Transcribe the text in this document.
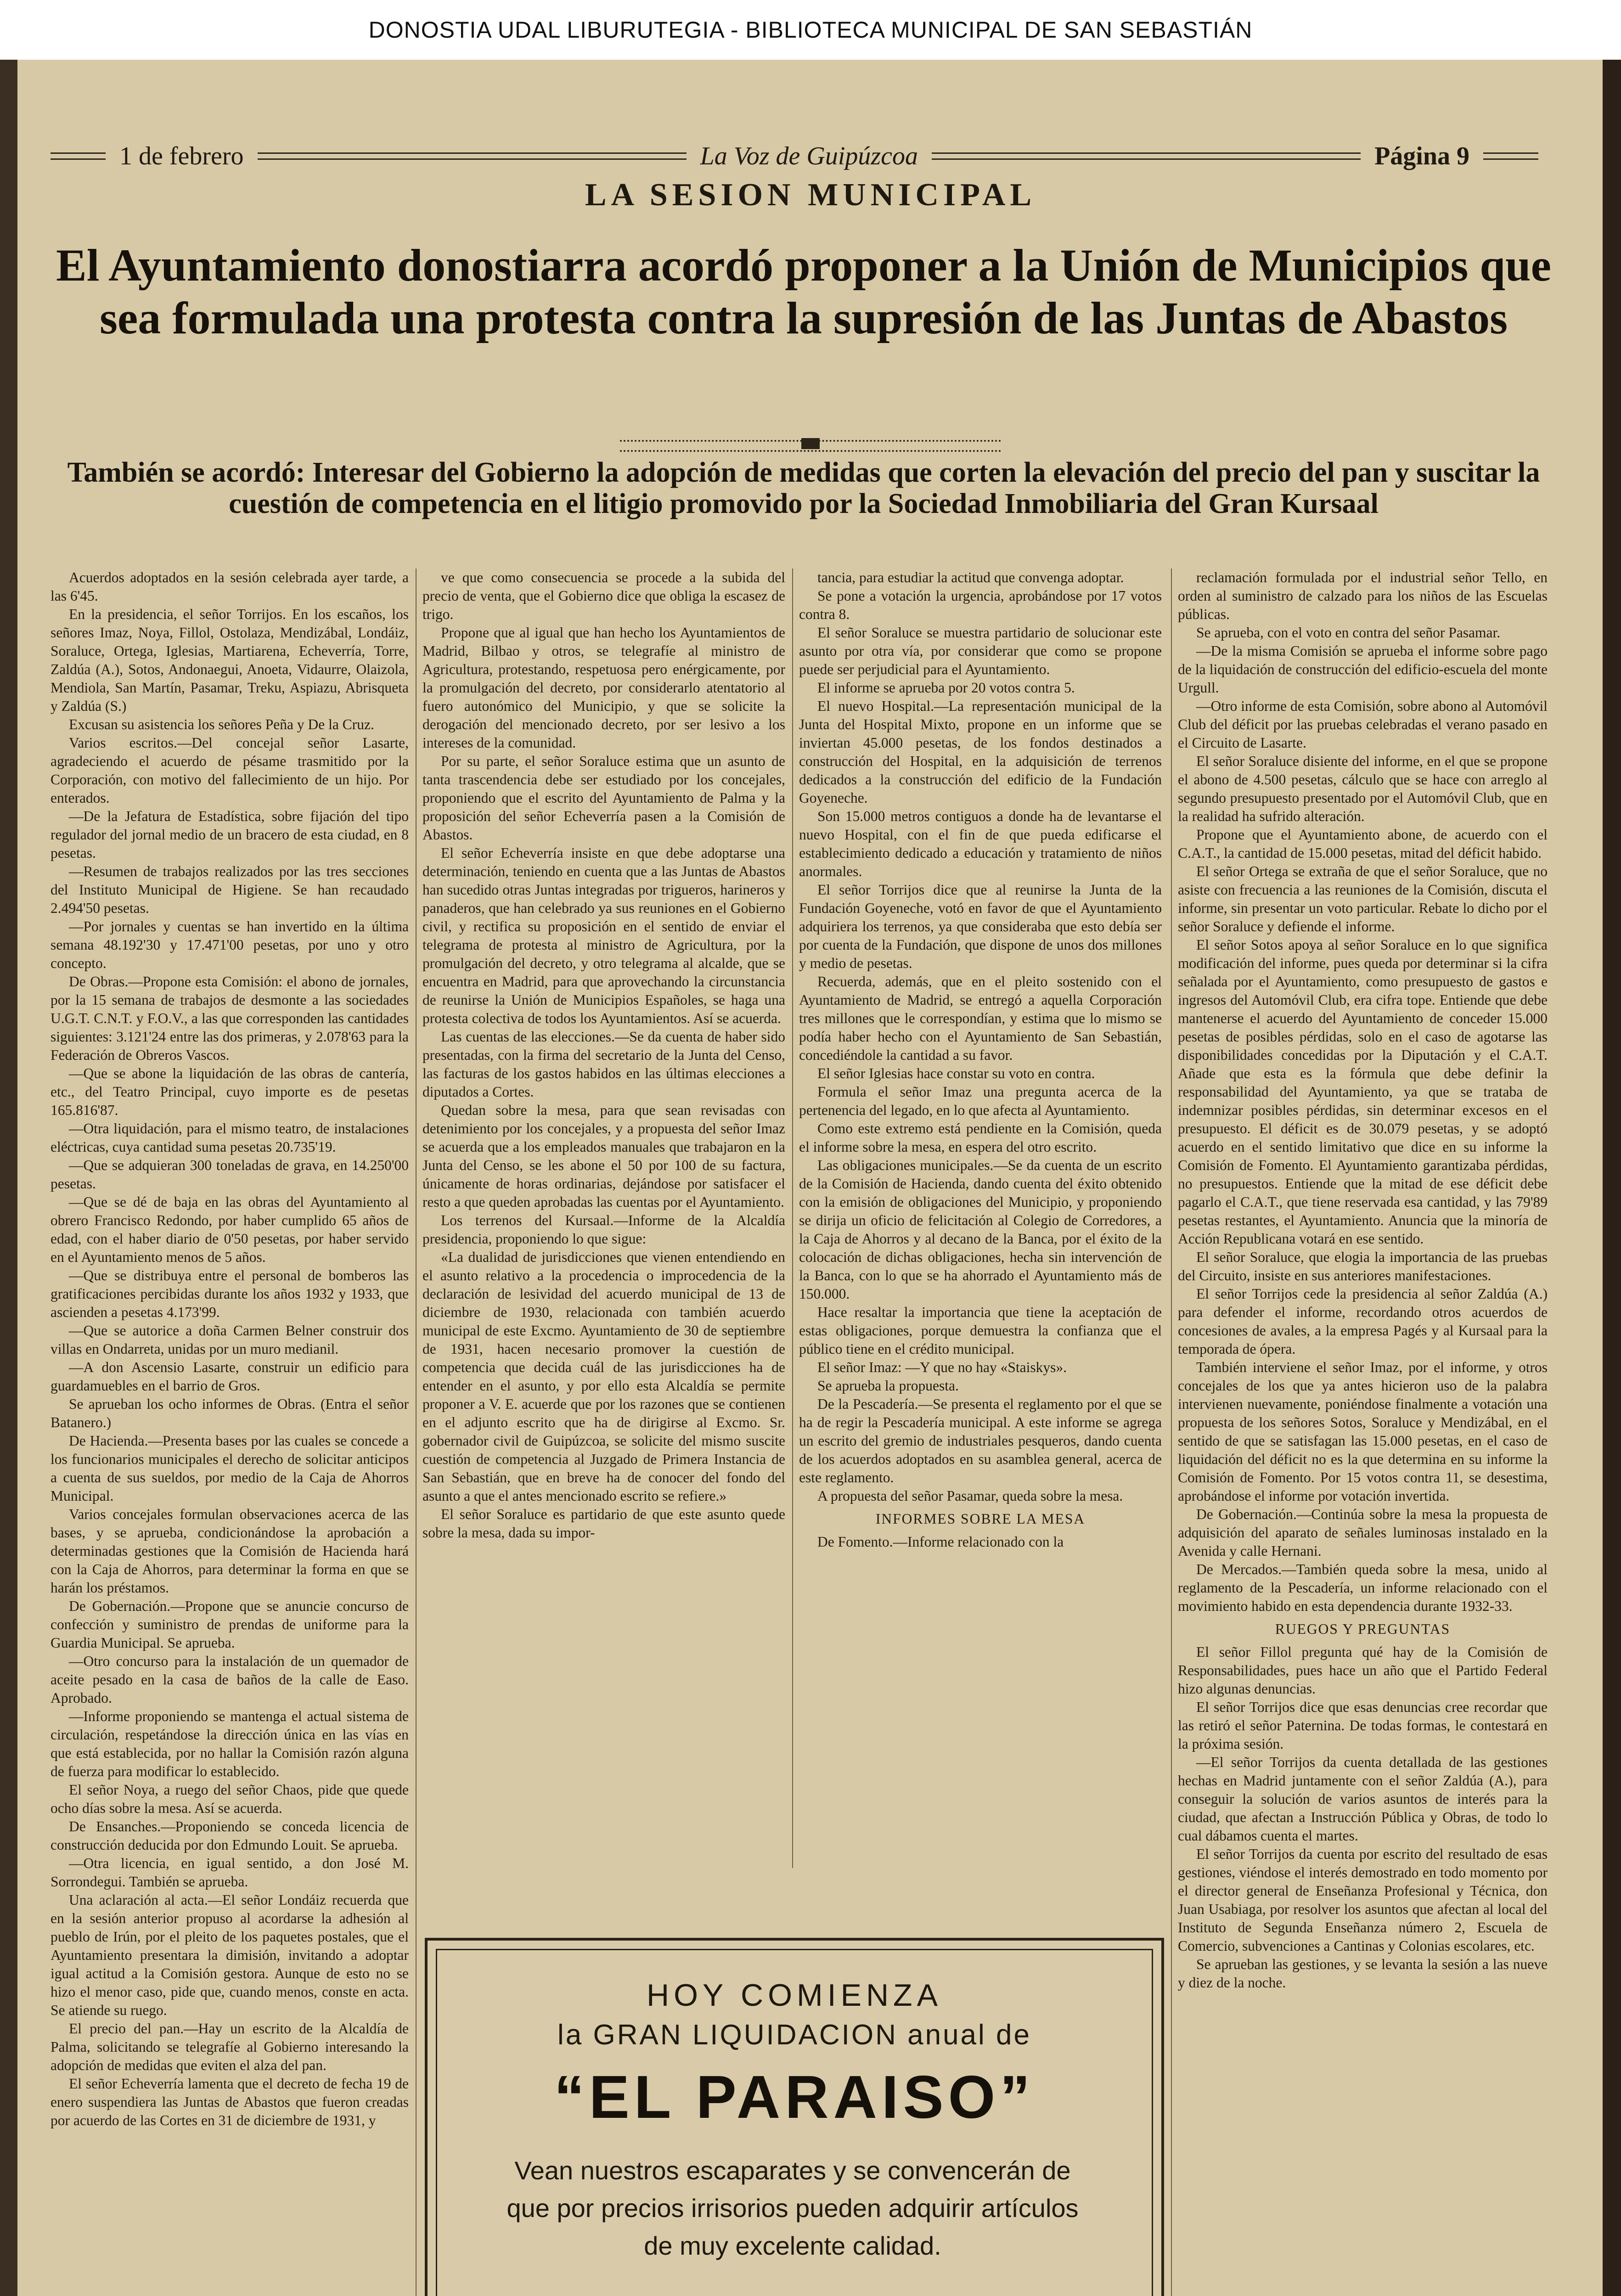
DONOSTIA UDAL LIBURUTEGIA - BIBLIOTECA MUNICIPAL DE SAN SEBASTIÁN
1 de febrero	La Voz de Guipúzcoa	Página 9
LA SESION MUNICIPAL
El Ayuntamiento donostiarra acordó proponer a la Unión de Municipios que sea formulada una protesta contra la supresión de las Juntas de Abastos
También se acordó: Interesar del Gobierno la adopción de medidas que corten la elevación del precio del pan y suscitar la cuestión de competencia en el litigio promovido por la Sociedad Inmobiliaria del Gran Kursaal

Acuerdos adoptados en la sesión celebrada ayer tarde, a las 6'45.

En la presidencia, el señor Torrijos. En los escaños, los señores Imaz, Noya, Fillol, Ostolaza, Mendizábal, Londáiz, Soraluce, Ortega, Iglesias, Martiarena, Echeverría, Torre, Zaldúa (A.), Sotos, Andonaegui, Anoeta, Vidaurre, Olaizola, Mendiola, San Martín, Pasamar, Treku, Aspiazu, Abrisqueta y Zaldúa (S.)

Excusan su asistencia los señores Peña y De la Cruz.

Varios escritos.—Del concejal señor Lasarte, agradeciendo el acuerdo de pésame trasmitido por la Corporación, con motivo del fallecimiento de un hijo. Por enterados.

—De la Jefatura de Estadística, sobre fijación del tipo regulador del jornal medio de un bracero de esta ciudad, en 8 pesetas.

—Resumen de trabajos realizados por las tres secciones del Instituto Municipal de Higiene. Se han recaudado 2.494'50 pesetas.

—Por jornales y cuentas se han invertido en la última semana 48.192'30 y 17.471'00 pesetas, por uno y otro concepto.

De Obras.—Propone esta Comisión: el abono de jornales, por la 15 semana de trabajos de desmonte a las sociedades U.G.T. C.N.T. y F.O.V., a las que corresponden las cantidades siguientes: 3.121'24 entre las dos primeras, y 2.078'63 para la Federación de Obreros Vascos.

—Que se abone la liquidación de las obras de cantería, etc., del Teatro Principal, cuyo importe es de pesetas 165.816'87.

—Otra liquidación, para el mismo teatro, de instalaciones eléctricas, cuya cantidad suma pesetas 20.735'19.

—Que se adquieran 300 toneladas de grava, en 14.250'00 pesetas.

—Que se dé de baja en las obras del Ayuntamiento al obrero Francisco Redondo, por haber cumplido 65 años de edad, con el haber diario de 0'50 pesetas, por haber servido en el Ayuntamiento menos de 5 años.

—Que se distribuya entre el personal de bomberos las gratificaciones percibidas durante los años 1932 y 1933, que ascienden a pesetas 4.173'99.

—Que se autorice a doña Carmen Belner construir dos villas en Ondarreta, unidas por un muro medianil.

—A don Ascensio Lasarte, construir un edificio para guardamuebles en el barrio de Gros.

Se aprueban los ocho informes de Obras. (Entra el señor Batanero.)

De Hacienda.—Presenta bases por las cuales se concede a los funcionarios municipales el derecho de solicitar anticipos a cuenta de sus sueldos, por medio de la Caja de Ahorros Municipal.

Varios concejales formulan observaciones acerca de las bases, y se aprueba, condicionándose la aprobación a determinadas gestiones que la Comisión de Hacienda hará con la Caja de Ahorros, para determinar la forma en que se harán los préstamos.

De Gobernación.—Propone que se anuncie concurso de confección y suministro de prendas de uniforme para la Guardia Municipal. Se aprueba.

—Otro concurso para la instalación de un quemador de aceite pesado en la casa de baños de la calle de Easo. Aprobado.

—Informe proponiendo se mantenga el actual sistema de circulación, respetándose la dirección única en las vías en que está establecida, por no hallar la Comisión razón alguna de fuerza para modificar lo establecido.

El señor Noya, a ruego del señor Chaos, pide que quede ocho días sobre la mesa. Así se acuerda.

De Ensanches.—Proponiendo se conceda licencia de construcción deducida por don Edmundo Louit. Se aprueba.

—Otra licencia, en igual sentido, a don José M. Sorrondegui. También se aprueba.

Una aclaración al acta.—El señor Londáiz recuerda que en la sesión anterior propuso al acordarse la adhesión al pueblo de Irún, por el pleito de los paquetes postales, que el Ayuntamiento presentara la dimisión, invitando a adoptar igual actitud a la Comisión gestora. Aunque de esto no se hizo el menor caso, pide que, cuando menos, conste en acta. Se atiende su ruego.

El precio del pan.—Hay un escrito de la Alcaldía de Palma, solicitando se telegrafíe al Gobierno interesando la adopción de medidas que eviten el alza del pan.

El señor Echeverría lamenta que el decreto de fecha 19 de enero suspendiera las Juntas de Abastos que fueron creadas por acuerdo de las Cortes en 31 de diciembre de 1931, y

ve que como consecuencia se procede a la subida del precio de venta, que el Gobierno dice que obliga la escasez de trigo.

Propone que al igual que han hecho los Ayuntamientos de Madrid, Bilbao y otros, se telegrafíe al ministro de Agricultura, protestando, respetuosa pero enérgicamente, por la promulgación del decreto, por considerarlo atentatorio al fuero autonómico del Municipio, y que se solicite la derogación del mencionado decreto, por ser lesivo a los intereses de la comunidad.

Por su parte, el señor Soraluce estima que un asunto de tanta trascendencia debe ser estudiado por los concejales, proponiendo que el escrito del Ayuntamiento de Palma y la proposición del señor Echeverría pasen a la Comisión de Abastos.

El señor Echeverría insiste en que debe adoptarse una determinación, teniendo en cuenta que a las Juntas de Abastos han sucedido otras Juntas integradas por trigueros, harineros y panaderos, que han celebrado ya sus reuniones en el Gobierno civil, y rectifica su proposición en el sentido de enviar el telegrama de protesta al ministro de Agricultura, por la promulgación del decreto, y otro telegrama al alcalde, que se encuentra en Madrid, para que aprovechando la circunstancia de reunirse la Unión de Municipios Españoles, se haga una protesta colectiva de todos los Ayuntamientos. Así se acuerda.

Las cuentas de las elecciones.—Se da cuenta de haber sido presentadas, con la firma del secretario de la Junta del Censo, las facturas de los gastos habidos en las últimas elecciones a diputados a Cortes.

Quedan sobre la mesa, para que sean revisadas con detenimiento por los concejales, y a propuesta del señor Imaz se acuerda que a los empleados manuales que trabajaron en la Junta del Censo, se les abone el 50 por 100 de su factura, únicamente de horas ordinarias, dejándose por satisfacer el resto a que queden aprobadas las cuentas por el Ayuntamiento.

Los terrenos del Kursaal.—Informe de la Alcaldía presidencia, proponiendo lo que sigue:

«La dualidad de jurisdicciones que vienen entendiendo en el asunto relativo a la procedencia o improcedencia de la declaración de lesividad del acuerdo municipal de 13 de diciembre de 1930, relacionada con también acuerdo municipal de este Excmo. Ayuntamiento de 30 de septiembre de 1931, hacen necesario promover la cuestión de competencia que decida cuál de las jurisdicciones ha de entender en el asunto, y por ello esta Alcaldía se permite proponer a V. E. acuerde que por los razones que se contienen en el adjunto escrito que ha de dirigirse al Excmo. Sr. gobernador civil de Guipúzcoa, se solicite del mismo suscite cuestión de competencia al Juzgado de Primera Instancia de San Sebastián, que en breve ha de conocer del fondo del asunto a que el antes mencionado escrito se refiere.»

El señor Soraluce es partidario de que este asunto quede sobre la mesa, dada su impor-

tancia, para estudiar la actitud que convenga adoptar.

Se pone a votación la urgencia, aprobándose por 17 votos contra 8.

El señor Soraluce se muestra partidario de solucionar este asunto por otra vía, por considerar que como se propone puede ser perjudicial para el Ayuntamiento.

El informe se aprueba por 20 votos contra 5.

El nuevo Hospital.—La representación municipal de la Junta del Hospital Mixto, propone en un informe que se inviertan 45.000 pesetas, de los fondos destinados a construcción del Hospital, en la adquisición de terrenos dedicados a la construcción del edificio de la Fundación Goyeneche.

Son 15.000 metros contiguos a donde ha de levantarse el nuevo Hospital, con el fin de que pueda edificarse el establecimiento dedicado a educación y tratamiento de niños anormales.

El señor Torrijos dice que al reunirse la Junta de la Fundación Goyeneche, votó en favor de que el Ayuntamiento adquiriera los terrenos, ya que consideraba que esto debía ser por cuenta de la Fundación, que dispone de unos dos millones y medio de pesetas.

Recuerda, además, que en el pleito sostenido con el Ayuntamiento de Madrid, se entregó a aquella Corporación tres millones que le correspondían, y estima que lo mismo se podía haber hecho con el Ayuntamiento de San Sebastián, concediéndole la cantidad a su favor.

El señor Iglesias hace constar su voto en contra.

Formula el señor Imaz una pregunta acerca de la pertenencia del legado, en lo que afecta al Ayuntamiento.

Como este extremo está pendiente en la Comisión, queda el informe sobre la mesa, en espera del otro escrito.

Las obligaciones municipales.—Se da cuenta de un escrito de la Comisión de Hacienda, dando cuenta del éxito obtenido con la emisión de obligaciones del Municipio, y proponiendo se dirija un oficio de felicitación al Colegio de Corredores, a la Caja de Ahorros y al decano de la Banca, por el éxito de la colocación de dichas obligaciones, hecha sin intervención de la Banca, con lo que se ha ahorrado el Ayuntamiento más de 150.000.

Hace resaltar la importancia que tiene la aceptación de estas obligaciones, porque demuestra la confianza que el público tiene en el crédito municipal.

El señor Imaz: —Y que no hay «Staiskys».

Se aprueba la propuesta.

De la Pescadería.—Se presenta el reglamento por el que se ha de regir la Pescadería municipal. A este informe se agrega un escrito del gremio de industriales pesqueros, dando cuenta de los acuerdos adoptados en su asamblea general, acerca de este reglamento.

A propuesta del señor Pasamar, queda sobre la mesa.

INFORMES SOBRE LA MESA

De Fomento.—Informe relacionado con la

reclamación formulada por el industrial señor Tello, en orden al suministro de calzado para los niños de las Escuelas públicas.

Se aprueba, con el voto en contra del señor Pasamar.

—De la misma Comisión se aprueba el informe sobre pago de la liquidación de construcción del edificio-escuela del monte Urgull.

—Otro informe de esta Comisión, sobre abono al Automóvil Club del déficit por las pruebas celebradas el verano pasado en el Circuito de Lasarte.

El señor Soraluce disiente del informe, en el que se propone el abono de 4.500 pesetas, cálculo que se hace con arreglo al segundo presupuesto presentado por el Automóvil Club, que en la realidad ha sufrido alteración.

Propone que el Ayuntamiento abone, de acuerdo con el C.A.T., la cantidad de 15.000 pesetas, mitad del déficit habido.

El señor Ortega se extraña de que el señor Soraluce, que no asiste con frecuencia a las reuniones de la Comisión, discuta el informe, sin presentar un voto particular. Rebate lo dicho por el señor Soraluce y defiende el informe.

El señor Sotos apoya al señor Soraluce en lo que significa modificación del informe, pues queda por determinar si la cifra señalada por el Ayuntamiento, como presupuesto de gastos e ingresos del Automóvil Club, era cifra tope. Entiende que debe mantenerse el acuerdo del Ayuntamiento de conceder 15.000 pesetas de posibles pérdidas, solo en el caso de agotarse las disponibilidades concedidas por la Diputación y el C.A.T. Añade que esta es la fórmula que debe definir la responsabilidad del Ayuntamiento, ya que se trataba de indemnizar posibles pérdidas, sin determinar excesos en el presupuesto. El déficit es de 30.079 pesetas, y se adoptó acuerdo en el sentido limitativo que dice en su informe la Comisión de Fomento. El Ayuntamiento garantizaba pérdidas, no presupuestos. Entiende que la mitad de ese déficit debe pagarlo el C.A.T., que tiene reservada esa cantidad, y las 79'89 pesetas restantes, el Ayuntamiento. Anuncia que la minoría de Acción Republicana votará en ese sentido.

El señor Soraluce, que elogia la importancia de las pruebas del Circuito, insiste en sus anteriores manifestaciones.

El señor Torrijos cede la presidencia al señor Zaldúa (A.) para defender el informe, recordando otros acuerdos de concesiones de avales, a la empresa Pagés y al Kursaal para la temporada de ópera.

También interviene el señor Imaz, por el informe, y otros concejales de los que ya antes hicieron uso de la palabra intervienen nuevamente, poniéndose finalmente a votación una propuesta de los señores Sotos, Soraluce y Mendizábal, en el sentido de que se satisfagan las 15.000 pesetas, en el caso de liquidación del déficit no es la que determina en su informe la Comisión de Fomento. Por 15 votos contra 11, se desestima, aprobándose el informe por votación invertida.

De Gobernación.—Continúa sobre la mesa la propuesta de adquisición del aparato de señales luminosas instalado en la Avenida y calle Hernani.

De Mercados.—También queda sobre la mesa, unido al reglamento de la Pescadería, un informe relacionado con el movimiento habido en esta dependencia durante 1932-33.

RUEGOS Y PREGUNTAS

El señor Fillol pregunta qué hay de la Comisión de Responsabilidades, pues hace un año que el Partido Federal hizo algunas denuncias.

El señor Torrijos dice que esas denuncias cree recordar que las retiró el señor Paternina. De todas formas, le contestará en la próxima sesión.

—El señor Torrijos da cuenta detallada de las gestiones hechas en Madrid juntamente con el señor Zaldúa (A.), para conseguir la solución de varios asuntos de interés para la ciudad, que afectan a Instrucción Pública y Obras, de todo lo cual dábamos cuenta el martes.

El señor Torrijos da cuenta por escrito del resultado de esas gestiones, viéndose el interés demostrado en todo momento por el director general de Enseñanza Profesional y Técnica, don Juan Usabiaga, por resolver los asuntos que afectan al local del Instituto de Segunda Enseñanza número 2, Escuela de Comercio, subvenciones a Cantinas y Colonias escolares, etc.

Se aprueban las gestiones, y se levanta la sesión a las nueve y diez de la noche.

HOY COMIENZA
la GRAN LIQUIDACION anual de
“EL PARAISO”
Vean nuestros escaparates y se convencerán de que por precios irrisorios pueden adquirir artículos de muy excelente calidad.
